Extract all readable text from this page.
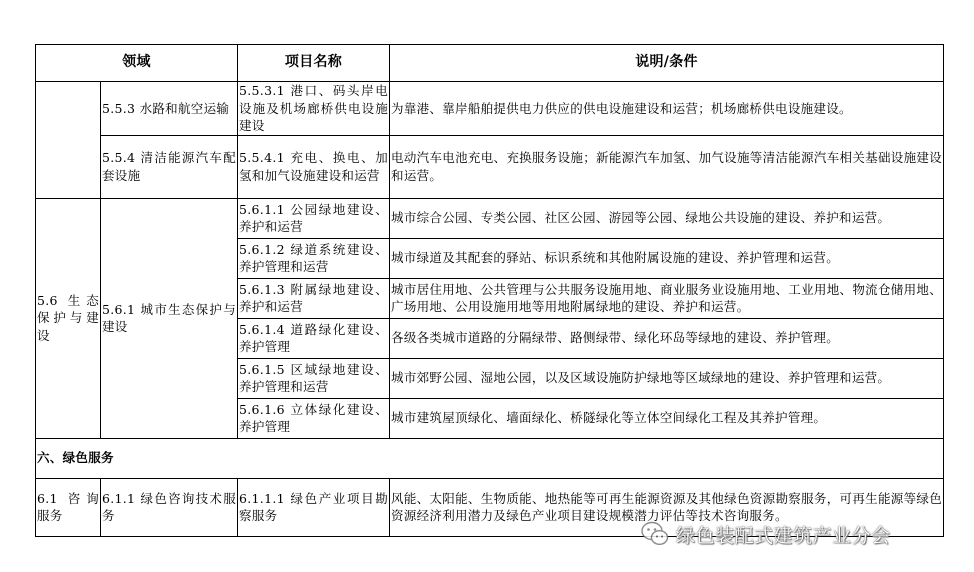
领域		项目名称	说明/条件
	5.5.3 水路和航空运输	5.5.3.1 港口、码头岸电设施及机场廊桥供电设施建设	为靠港、靠岸船舶提供电力供应的供电设施建设和运营；机场廊桥供电设施建设。
	5.5.4 清洁能源汽车配套设施	5.5.4.1 充电、换电、加氢和加气设施建设和运营	电动汽车电池充电、充换服务设施；新能源汽车加氢、加气设施等清洁能源汽车相关基础设施建设和运营。
5.6 生态保护与建设	5.6.1 城市生态保护与建设	5.6.1.1 公园绿地建设、养护和运营	城市综合公园、专类公园、社区公园、游园等公园、绿地公共设施的建设、养护和运营。
		5.6.1.2 绿道系统建设、养护管理和运营	城市绿道及其配套的驿站、标识系统和其他附属设施的建设、养护管理和运营。
		5.6.1.3 附属绿地建设、养护和运营	城市居住用地、公共管理与公共服务设施用地、商业服务业设施用地、工业用地、物流仓储用地、广场用地、公用设施用地等用地附属绿地的建设、养护和运营。
		5.6.1.4 道路绿化建设、养护管理	各级各类城市道路的分隔绿带、路侧绿带、绿化环岛等绿地的建设、养护管理。
		5.6.1.5 区域绿地建设、养护管理和运营	城市郊野公园、湿地公园，以及区域设施防护绿地等区域绿地的建设、养护管理和运营。
		5.6.1.6 立体绿化建设、养护管理	城市建筑屋顶绿化、墙面绿化、桥隧绿化等立体空间绿化工程及其养护管理。
六、绿色服务			
6.1 咨询服务	6.1.1 绿色咨询技术服务	6.1.1.1 绿色产业项目勘察服务	风能、太阳能、生物质能、地热能等可再生能源资源及其他绿色资源勘察服务，可再生能源等绿色资源经济利用潜力及绿色产业项目建设规模潜力评估等技术咨询服务。
绿色装配式建筑产业分会
